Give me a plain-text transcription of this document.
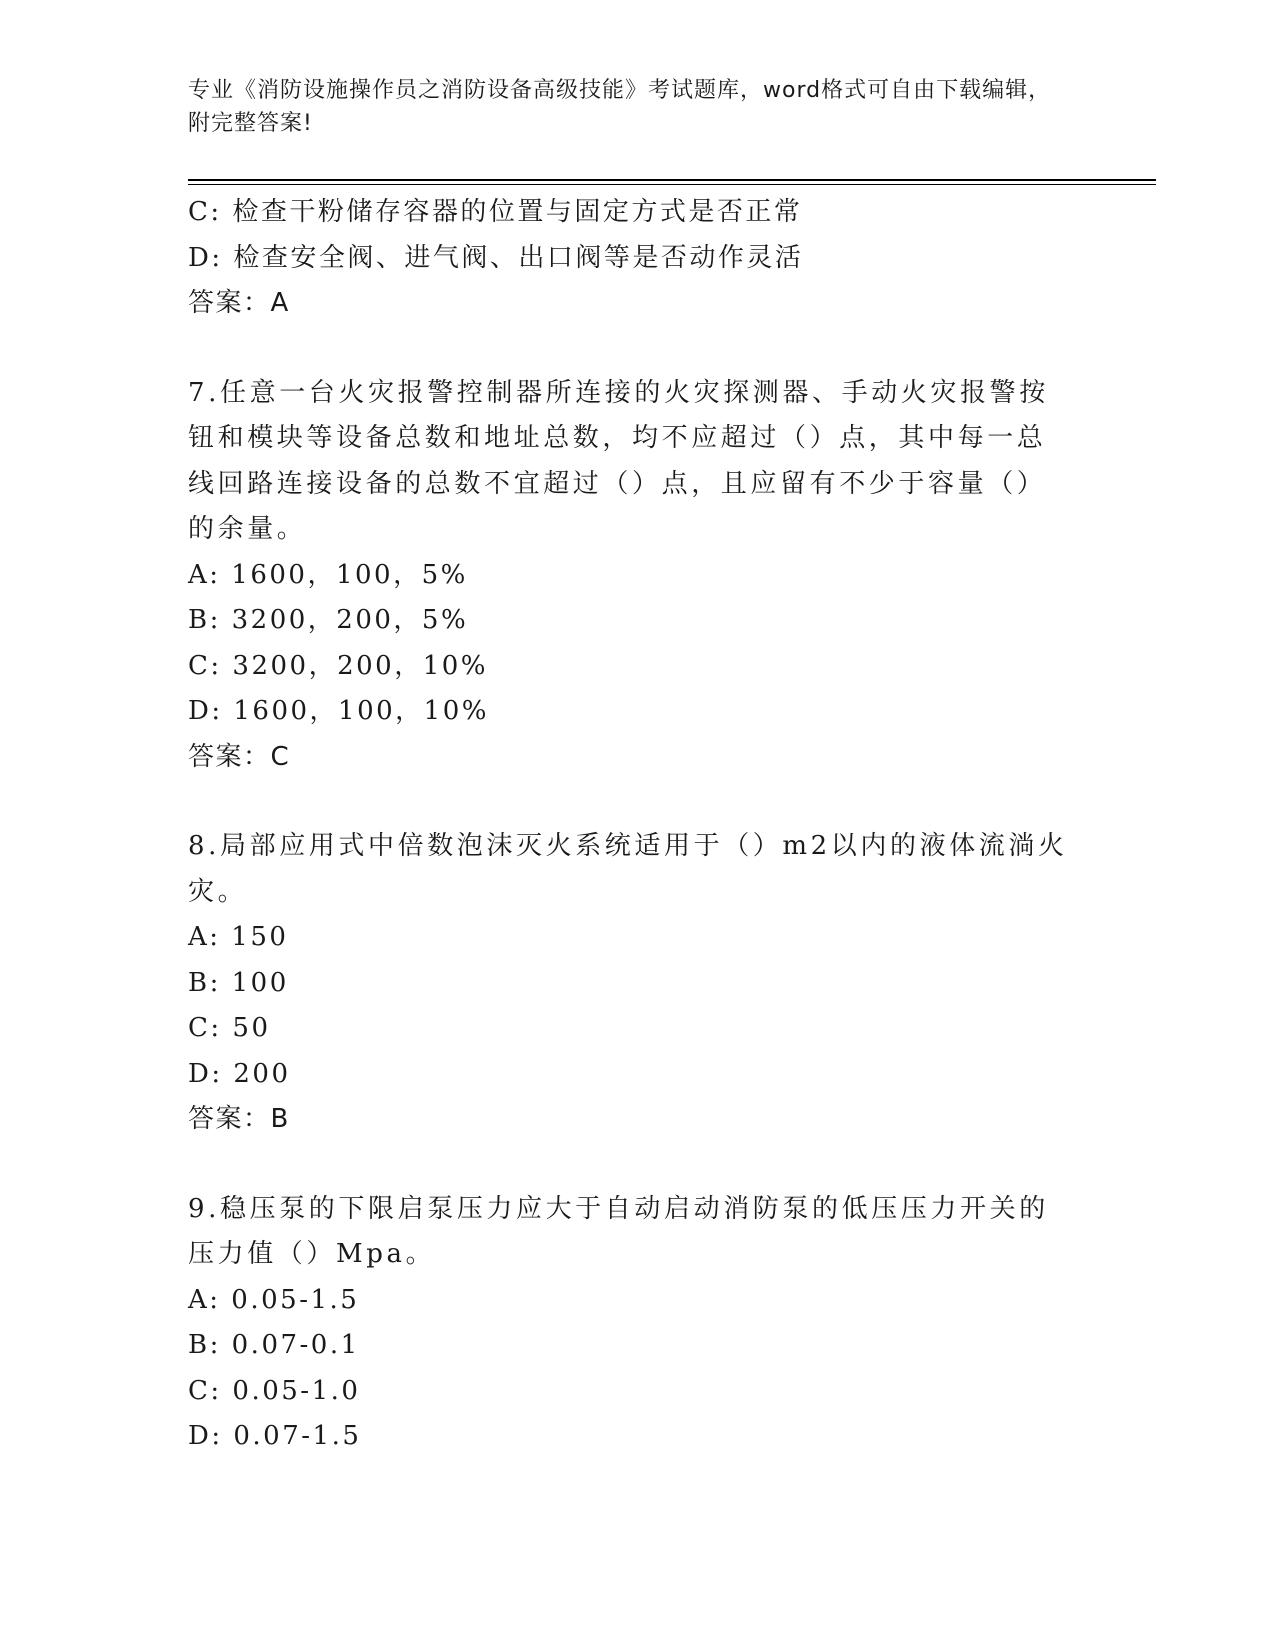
专业《消防设施操作员之消防设备高级技能》考试题库，word格式可自由下载编辑，附完整答案!
C: 检查干粉储存容器的位置与固定方式是否正常
D: 检查安全阀、进气阀、出口阀等是否动作灵活
答案：A
7.任意一台火灾报警控制器所连接的火灾探测器、手动火灾报警按钮和模块等设备总数和地址总数，均不应超过（）点，其中每一总线回路连接设备的总数不宜超过（）点，且应留有不少于容量（）的余量。
A: 1600，100，5%
B: 3200，200，5%
C: 3200，200，10%
D: 1600，100，10%
答案：C
8.局部应用式中倍数泡沫灭火系统适用于（）m2以内的液体流淌火灾。
A: 150
B: 100
C: 50
D: 200
答案：B
9.稳压泵的下限启泵压力应大于自动启动消防泵的低压压力开关的压力值（）Mpa。
A: 0.05-1.5
B: 0.07-0.1
C: 0.05-1.0
D: 0.07-1.5
